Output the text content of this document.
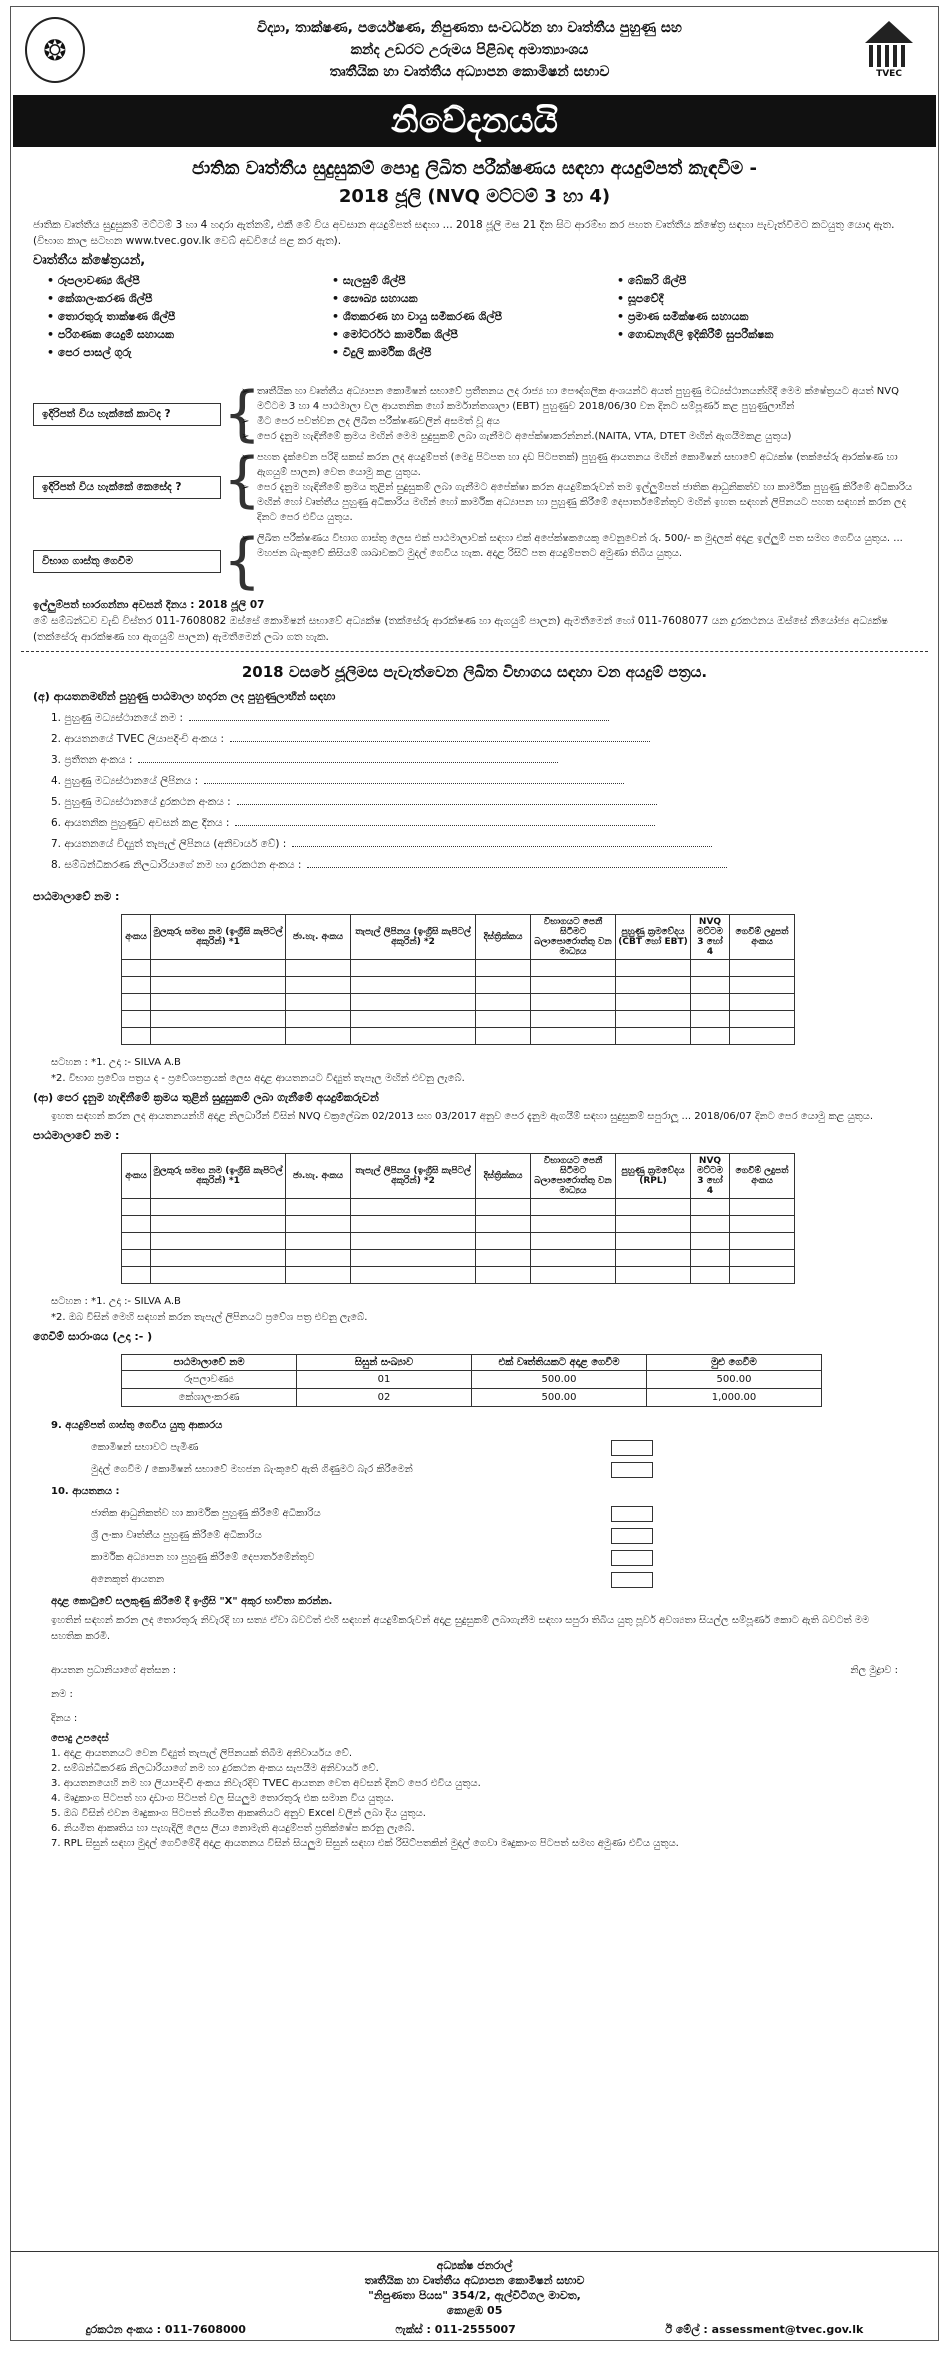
❂
විද්‍යා, තාක්ෂණ, පර්යේෂණ, නිපුණතා සංවර්ධන හා වෘත්තීය පුහුණු සහ
කන්ද උඩරට උරුමය පිළිබඳ අමාත්‍යාංශය
තෘතීයික හා වෘත්තීය අධ්‍යාපන කොමිෂන් සභාව	TVEC
නිවේදනයයි
ජාතික වෘත්තීය සුදුසුකම් පොදු ලිඛිත පරීක්ෂණය සඳහා අයදුම්පත් කැඳවීම -
2018 ජූලි (NVQ මට්ටම් 3 හා 4)
ජාතික වෘත්තීය සුදුසුකම් මට්ටම් 3 හා 4 හදාරා ඇත්නම්, එකී මේ විය අවසාන අයදුම්පත් සඳහා ... 2018 ජූලි මස 21 දින සිට ආරම්භ කර පහත වෘත්තීය ක්ෂේත්‍ර සඳහා පැවැත්වීමට කටයුතු යොදා ඇත. (විභාග කාල සටහන www.tvec.gov.lk වෙබ් අඩවියේ පළ කර ඇත).
වෘත්තීය ක්ෂේත්‍රයන්,
• රූපලාවණ්‍ය ශිල්පී	• සැලසුම් ශිල්පී	• බේකරි ශිල්පී
• කේශාලංකරණ ශිල්පී	• සෞඛ්‍ය සහායක	• සූපවේදී
• තොරතුරු තාක්ෂණ ශිල්පී	• ශීතකරණ හා වායු සමීකරණ ශිල්පී	• ප්‍රමාණ සමීක්ෂණ සහායක
• පරිගණක යෙදුම් සහායක	• මෝටර්රථ කාර්මික ශිල්පී	• ගොඩනැගිලි ඉදිකිරීම් සුපරීක්ෂක
• පෙර පාසල් ගුරු	• විදුලි කාර්මික ශිල්පී
ඉදිරිපත් විය හැක්කේ කාටද ? {
➢ තෘතීයික හා වෘත්තීය අධ්‍යාපන කොමිෂන් සභාවේ ප්‍රතීතනය ලද රාජ්‍ය හා පෞද්ගලික අංශයන්ට අයත් පුහුණු මධ්‍යස්ථානයන්හිදී මෙම ක්ෂේත්‍රයට අයත් NVQ මට්ටම 3 හා 4 පාඨමාලා වල ආයතනික හෝ කර්මාන්තශාලා (EBT) පුහුණුව 2018/06/30 වන දිනට සම්පූර්ණ කළ පුහුණුලාභීන්
➢ මීට පෙර පවත්වන ලද ලිඛිත පරීක්ෂණවලින් අසමත් වූ අය
➢ පෙර දැනුම හැඳිනීමේ ක්‍රමය මඟින් මෙම සුදුසුකම් ලබා ගැනීමට අපේක්ෂාකරන්නන්.(NAITA, VTA, DTET මඟින් ඇගයීමකළ යුතුය)
ඉදිරිපත් විය හැක්කේ කෙසේද ? {
➢ පහත දැක්වෙන පරිදි සකස් කරන ලද අයදුම්පත් (මෙදු පිටපත හා දෘඩ පිටපතක්) පුහුණු ආයතනය මඟින් කොමිෂන් සභාවේ අධ්‍යක්ෂ (තක්සේරු ආරක්ෂණ හා ඇගයුම් පාලන) වෙත යොමු කළ යුතුය.
➢ පෙර දැනුම හැඳිනීමේ ක්‍රමය තුළින් සුදුසුකම් ලබා ගැනීමට අපේක්ෂා කරන අයදුම්කරුවන් තම ඉල්ලුම්පත් ජාතික ආධුනිකත්ව හා කාර්මික පුහුණු කිරීමේ අධිකාරිය මඟින් හෝ වෘත්තීය පුහුණු අධිකාරිය මඟින් හෝ කාර්මික අධ්‍යාපන හා පුහුණු කිරීමේ දෙපාර්තමේන්තුව මඟින් ඉහත සඳහන් ලිපිනයට පහත සඳහන් කරන ලද දිනට පෙර එවිය යුතුය.
විභාග ගාස්තු ගෙවීම	{
➢ ලිඛිත පරීක්ෂණය විභාග ගාස්තු ලෙස එක් පාඨමාලාවක් සඳහා එක් අපේක්ෂකයෙකු වෙනුවෙන් රු. 500/- ක මුදලක් අදාළ ඉල්ලුම් පත සමඟ ගෙවිය යුතුය. ... මහජන බැංකුවේ කිසියම් ශාඛාවකට මුදල් ගෙවිය හැක. අදාළ රිසිට් පත අයදුම්පතට අමුණා තිබිය යුතුය.
ඉල්ලුම්පත් භාරගන්නා අවසන් දිනය : 2018 ජූලි 07
මේ සම්බන්ධව වැඩි විස්තර 011-7608082 ඔස්සේ කොමිෂන් සභාවේ අධ්‍යක්ෂ (තක්සේරු ආරක්ෂණ හා ඇගයුම් පාලන) ඇමතීමෙන් හෝ 011-7608077 යන දුරකථනය ඔස්සේ නියෝජ්‍ය අධ්‍යක්ෂ (තක්සේරු ආරක්ෂණ හා ඇගයුම් පාලන) ඇමතීමෙන් ලබා ගත හැක.
2018 වසරේ ජූලිමස පැවැත්වෙන ලිඛිත විභාගය සඳහා වන අයදුම් පත්‍රය.
(අ) ආයතනමඟින් පුහුණු පාඨමාලා හදාරන ලද පුහුණුලාභීන් සඳහා
1. පුහුණු මධ්‍යස්ථානයේ නම :
2. ආයතනයේ TVEC ලියාපදිංචි අංකය :
3. ප්‍රතීතන අංකය :
4. පුහුණු මධ්‍යස්ථානයේ ලිපිනය :
5. පුහුණු මධ්‍යස්ථානයේ දුරකථන අංකය :
6. ආයතනික පුහුණුව අවසන් කළ දිනය :
7. ආයතනයේ විද්‍යුත් තැපැල් ලිපිනය (අනිවාර්ය වේ) :
8. සම්බන්ධීකරණ නිලධාරියාගේ නම හා දුරකථන අංකය :
පාඨමාලාවේ නම :
අංකය	මුලකුරු සමඟ නම (ඉංග්‍රීසි කැපිටල් අකුරින්) *1	ජා.හැ. අංකය	තැපැල් ලිපිනය (ඉංග්‍රීසි කැපිටල් අකුරින්) *2	දිස්ත්‍රික්කය	විභාගයට පෙනී සිටීමට බලාපොරොත්තු වන මාධ්‍යය	පුහුණු ක්‍රමවේදය (CBT හෝ EBT)	NVQ මට්ටම 3 හෝ 4	ගෙවීම් ලදුපත් අංකය

සටහන : *1. උදා :- SILVA A.B
*2. විභාග ප්‍රවේශ පත්‍රය ද - ප්‍රවේශපත්‍රයක් ලෙස අදාළ ආයතනයට විද්‍යුත් තැපෑල මඟින් එවනු ලැබේ.
(ආ) පෙර දැනුම හැඳිනීමේ ක්‍රමය තුළින් සුදුසුකම් ලබා ගැනීමේ අයදුම්කරුවන්
ඉහත සඳහන් කරන ලද ආයතනයන්හි අදාළ නිලධාරීන් විසින් NVQ චක්‍රලේඛන 02/2013 සහ 03/2017 අනුව පෙර දැනුම ඇගයීම් සඳහා සුදුසුකම් සපුරාලූ ... 2018/06/07 දිනට පෙර යොමු කළ යුතුය.
පාඨමාලාවේ නම :
අංකය	මුලකුරු සමඟ නම (ඉංග්‍රීසි කැපිටල් අකුරින්) *1	ජා.හැ. අංකය	තැපැල් ලිපිනය (ඉංග්‍රීසි කැපිටල් අකුරින්) *2	දිස්ත්‍රික්කය	විභාගයට පෙනී සිටීමට බලාපොරොත්තු වන මාධ්‍යය	පුහුණු ක්‍රමවේදය (RPL)	NVQ මට්ටම 3 හෝ 4	ගෙවීම් ලදුපත් අංකය

සටහන : *1. උදා :- SILVA A.B
*2. ඔබ විසින් මෙහි සඳහන් කරන තැපැල් ලිපිනයට ප්‍රවේශ පත්‍ර එවනු ලැබේ.
ගෙවීම් සාරාංශය (උදා :- )
පාඨමාලාවේ නම	සිසුන් සංඛ්‍යාව	එක් වෘත්තියකට අදාළ ගෙවීම	මුළු ගෙවීම
රූපලාවණ්‍ය	01	500.00	500.00
කේශාලංකරණ	02	500.00	1,000.00
9. අයදුම්පත් ගාස්තු ගෙවිය යුතු ආකාරය
කොමිෂන් සභාවට පැමිණ
මුදල් ගෙවීම / කොමිෂන් සභාවේ මහජන බැංකුවේ ඇති ගිණුමට බැර කිරීමෙන්
10. ආයතනය :
ජාතික ආධුනිකත්ව හා කාර්මික පුහුණු කිරීමේ අධිකාරිය
ශ්‍රී ලංකා වෘත්තීය පුහුණු කිරීමේ අධිකාරිය
කාර්මික අධ්‍යාපන හා පුහුණු කිරීමේ දෙපාර්තමේන්තුව
අනෙකුත් ආයතන
අදාළ කොටුවේ සලකුණු කිරීමේ දී ඉංග්‍රීසි "X" අකුර භාවිතා කරන්න.
ඉහතින් සඳහන් කරන ලද තොරතුරු නිවැරදි හා සත්‍ය ඒවා බවටත් එහි සඳහන් අයදුම්කරුවන් අදාළ සුදුසුකම් ලබාගැනීම සඳහා සපුරා තිබිය යුතු පූර්ව අවශ්‍යතා සියල්ල සම්පූර්ණ කොට ඇති බවටත් මම සහතික කරමි.
ආයතන ප්‍රධානියාගේ අත්සන :	නිල මුද්‍රාව :
නම :
දිනය :
පොදු උපදෙස්
1. අදාළ ආයතනයට වෙන විද්‍යුත් තැපැල් ලිපිනයක් තිබීම අනිවාර්යය වේ.
2. සම්බන්ධීකරණ නිලධාරියාගේ නම හා දුරකථන අංකය සැපයීම අනිවාර්ය වේ.
3. ආයතනයෙහි නම හා ලියාපදිංචි අංකය නිවැරදිව TVEC ආයතන වෙත අවසන් දිනට පෙර එවිය යුතුය.
4. මෘදුකාංග පිටපත් හා දෘඩාංග පිටපත් වල සියලුම තොරතුරු එක සමාන විය යුතුය.
5. ඔබ විසින් එවන මෘදුකාංග පිටපත් නියමිත ආකෘතියට අනුව Excel වලින් ලබා දිය යුතුය.
6. නියමිත ආකෘතිය හා පැහැදිලි ලෙස ලියා නොමැති අයදුම්පත් ප්‍රතික්ෂේප කරනු ලැබේ.
7. RPL සිසුන් සඳහා මුදල් ගෙවීමේදී අදාළ ආයතනය විසින් සියලුම සිසුන් සඳහා එක් රිසිට්පතකින් මුදල් ගෙවා මෘදුකාංග පිටපත් සමඟ අමුණා එවිය යුතුය.
අධ්‍යක්ෂ ජනරාල්
තෘතීයික හා වෘත්තීය අධ්‍යාපන කොමිෂන් සභාව
"නිපුණතා පියස" 354/2, ඇල්විටිගල මාවත,
කොළඹ 05
දුරකථන අංකය : 011-7608000	ෆැක්ස් : 011-2555007	ඊ මේල් : assessment@tvec.gov.lk
